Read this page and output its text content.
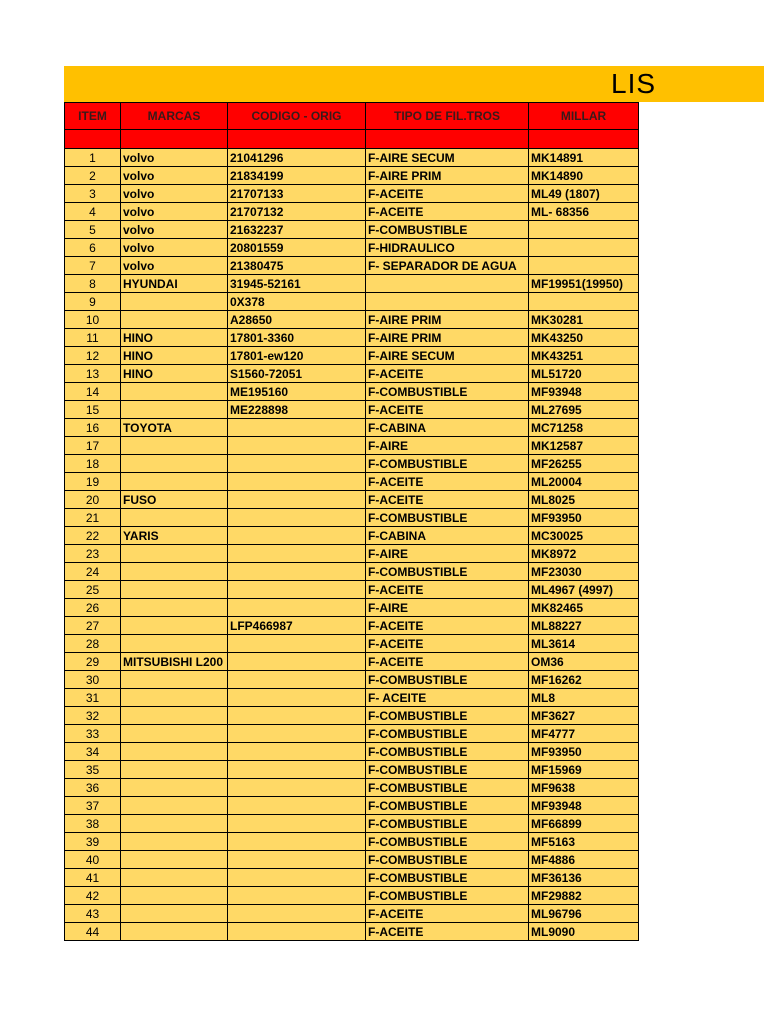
LIS
ITEM	MARCAS	CODIGO - ORIG	TIPO DE FIL.TROS	MILLAR

1	volvo	21041296	F-AIRE SECUM	MK14891
2	volvo	21834199	F-AIRE PRIM	MK14890
3	volvo	21707133	F-ACEITE	ML49 (1807)
4	volvo	21707132	F-ACEITE	ML- 68356
5	volvo	21632237	F-COMBUSTIBLE	
6	volvo	20801559	F-HIDRAULICO	
7	volvo	21380475	F- SEPARADOR DE AGUA	
8	HYUNDAI	31945-52161		MF19951(19950)
9		0X378		
10		A28650	F-AIRE PRIM	MK30281
11	HINO	17801-3360	F-AIRE PRIM	MK43250
12	HINO	17801-ew120	F-AIRE SECUM	MK43251
13	HINO	S1560-72051	F-ACEITE	ML51720
14		ME195160	F-COMBUSTIBLE	MF93948
15		ME228898	F-ACEITE	ML27695
16	TOYOTA		F-CABINA	MC71258
17			F-AIRE	MK12587
18			F-COMBUSTIBLE	MF26255
19			F-ACEITE	ML20004
20	FUSO		F-ACEITE	ML8025
21			F-COMBUSTIBLE	MF93950
22	YARIS		F-CABINA	MC30025
23			F-AIRE	MK8972
24			F-COMBUSTIBLE	MF23030
25			F-ACEITE	ML4967 (4997)
26			F-AIRE	MK82465
27		LFP466987	F-ACEITE	ML88227
28			F-ACEITE	ML3614
29	MITSUBISHI L200		F-ACEITE	OM36
30			F-COMBUSTIBLE	MF16262
31			F- ACEITE	ML8
32			F-COMBUSTIBLE	MF3627
33			F-COMBUSTIBLE	MF4777
34			F-COMBUSTIBLE	MF93950
35			F-COMBUSTIBLE	MF15969
36			F-COMBUSTIBLE	MF9638
37			F-COMBUSTIBLE	MF93948
38			F-COMBUSTIBLE	MF66899
39			F-COMBUSTIBLE	MF5163
40			F-COMBUSTIBLE	MF4886
41			F-COMBUSTIBLE	MF36136
42			F-COMBUSTIBLE	MF29882
43			F-ACEITE	ML96796
44			F-ACEITE	ML9090
